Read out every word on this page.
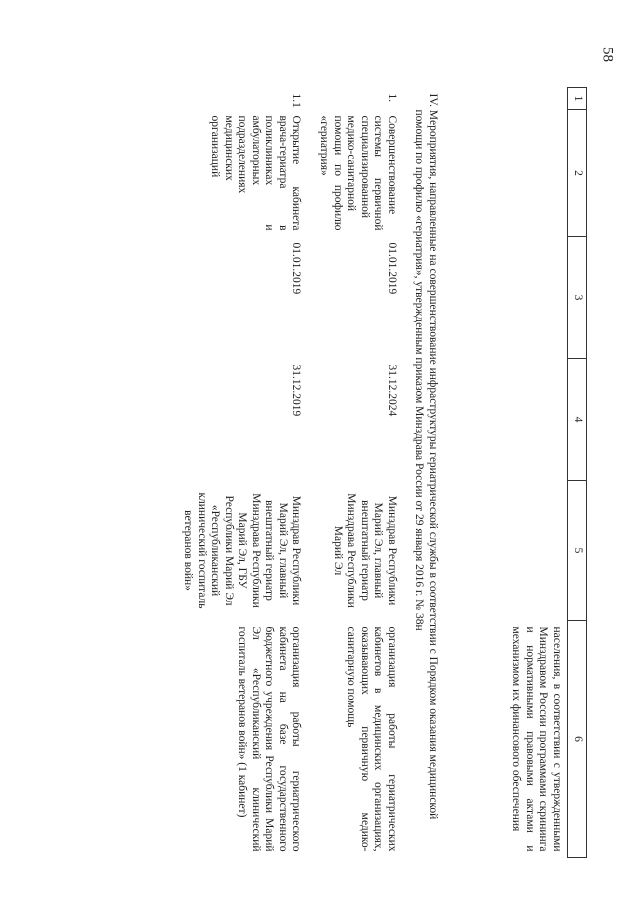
58
1	2	3	4	5	6
					населения, в соответствии с утвержденными Минздравом России программами скрининга и нормативными правовыми актами и механизмом их финансового обеспечения

IV. Мероприятия, направленные на совершенствование инфраструктуры гериатрической службы в соответствии с Порядком оказания медицинской помощи по профилю «гериатрия», утвержденным приказом Минздрава России от 29 января 2016 г. № 38н					

1.	Совершенствование системы первичной специализированной медико-санитарной помощи по профилю «гериатрия»	01.01.2019	31.12.2024	Минздрав Республики Марий Эл, главный внештатный гериатр Минздрава Республики Марий Эл	организация работы гериатрических кабинетов в медицинских организациях, оказывающих первичную медико-санитарную помощь
1.1	Открытие кабинета врача-гериатра в поликлиниках и амбулаторных подразделениях медицинских организаций	01.01.2019	31.12.2019	Минздрав Республики Марий Эл, главный внештатный гериатр Минздрава Республики Марий Эл, ГБУ Республики Марий Эл «Республиканский клинический госпиталь ветеранов войн»	организация работы гериатрического кабинета на базе государственного бюджетного учреждения Республики Марий Эл «Республиканский клинический госпиталь ветеранов войн» (1 кабинет)
